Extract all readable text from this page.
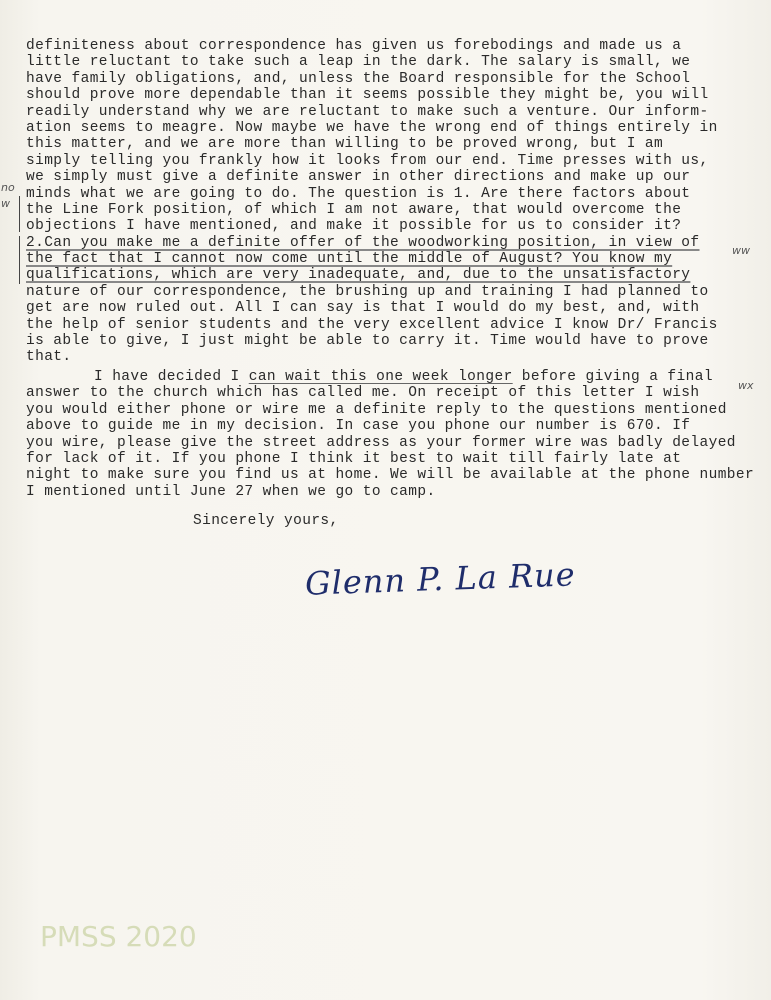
definiteness about correspondence has given us forebodings and made us a
little reluctant to take such a leap in the dark. The salary is small, we
have family obligations, and, unless the Board responsible for the School
should prove more dependable than it seems possible they might be, you will
readily understand why we are reluctant to make such a venture. Our inform-
ation seems to meagre. Now maybe we have the wrong end of things entirely in
this matter, and we are more than willing to be proved wrong, but I am
simply telling you frankly how it looks from our end. Time presses with us,
we simply must give a definite answer in other directions and make up our
minds what we are going to do. The question is 1. Are there factors about
the Line Fork position, of which I am not aware, that would overcome the
objections I have mentioned, and make it possible for us to consider it?
2.Can you make me a definite offer of the woodworking position, in view of
the fact that I cannot now come until the middle of August? You know my
qualifications, which are very inadequate, and, due to the unsatisfactory
nature of our correspondence, the brushing up and training I had planned to
get are now ruled out. All I can say is that I would do my best, and, with
the help of senior students and the very excellent advice I know Dr/ Francis
is able to give, I just might be able to carry it. Time would have to prove
that.
no
w
ww
wx
I have decided I can wait this one week longer before giving a final
answer to the church which has called me. On receipt of this letter I wish
you would either phone or wire me a definite reply to the questions mentioned
above to guide me in my decision. In case you phone our number is 670. If
you wire, please give the street address as your former wire was badly delayed
for lack of it. If you phone I think it best to wait till fairly late at
night to make sure you find us at home. We will be available at the phone number
I mentioned until June 27 when we go to camp.
Sincerely yours,
Glenn P. La Rue
PMSS 2020
